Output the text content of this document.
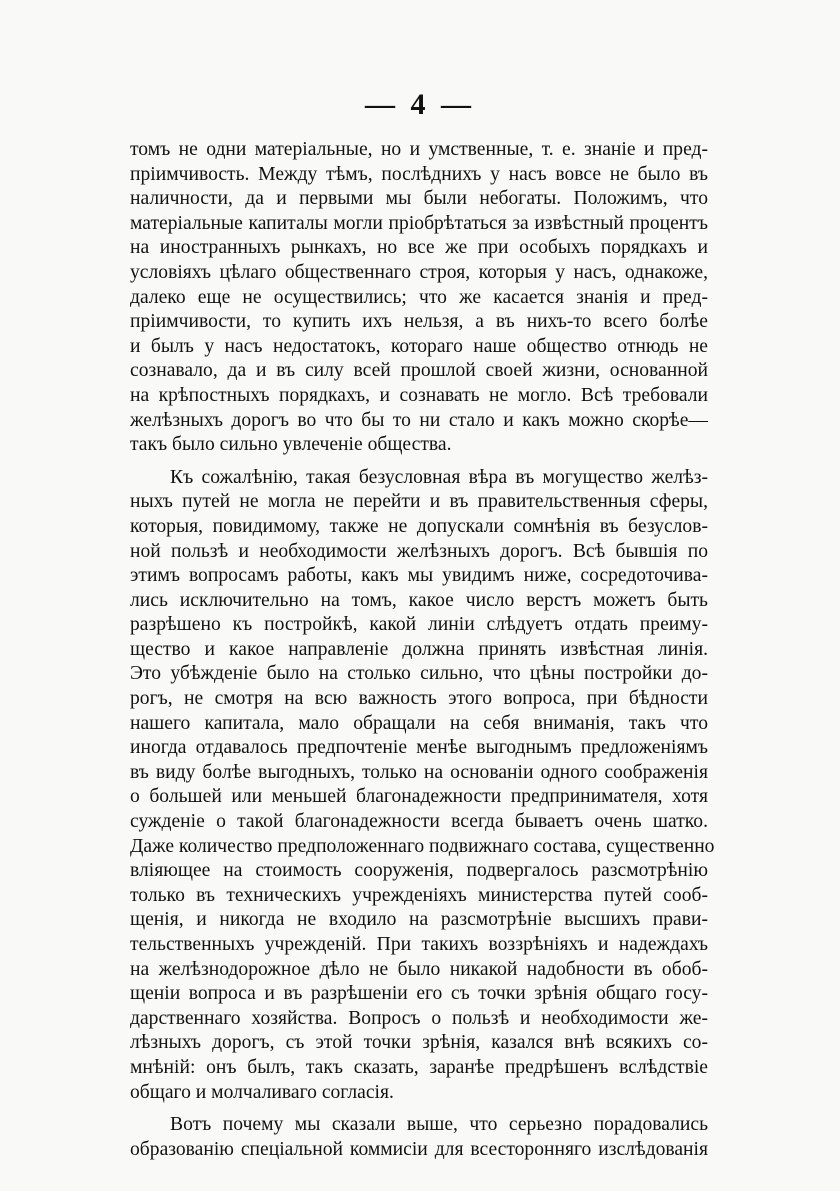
— 4 —
томъ не одни матеріальные, но и умственные, т. е. знаніе и пред-
пріимчивость. Между тѣмъ, послѣднихъ у насъ вовсе не было въ
наличности, да и первыми мы были небогаты. Положимъ, что
матеріальные капиталы могли пріобрѣтаться за извѣстный процентъ
на иностранныхъ рынкахъ, но все же при особыхъ порядкахъ и
условіяхъ цѣлаго общественнаго строя, которыя у насъ, однакоже,
далеко еще не осуществились; что же касается знанія и пред-
пріимчивости, то купить ихъ нельзя, а въ нихъ-то всего болѣе
и былъ у насъ недостатокъ, котораго наше общество отнюдь не
сознавало, да и въ силу всей прошлой своей жизни, основанной
на крѣпостныхъ порядкахъ, и сознавать не могло. Всѣ требовали
желѣзныхъ дорогъ во что бы то ни стало и какъ можно скорѣе—
такъ было сильно увлеченіе общества.
Къ сожалѣнію, такая безусловная вѣра въ могущество желѣз-
ныхъ путей не могла не перейти и въ правительственныя сферы,
которыя, повидимому, также не допускали сомнѣнія въ безуслов-
ной пользѣ и необходимости желѣзныхъ дорогъ. Всѣ бывшія по
этимъ вопросамъ работы, какъ мы увидимъ ниже, сосредоточива-
лись исключительно на томъ, какое число верстъ можетъ быть
разрѣшено къ постройкѣ, какой линіи слѣдуетъ отдать преиму-
щество и какое направленіе должна принять извѣстная линія.
Это убѣжденіе было на столько сильно, что цѣны постройки до-
рогъ, не смотря на всю важность этого вопроса, при бѣдности
нашего капитала, мало обращали на себя вниманія, такъ что
иногда отдавалось предпочтеніе менѣе выгоднымъ предложеніямъ
въ виду болѣе выгодныхъ, только на основаніи одного соображенія
о большей или меньшей благонадежности предпринимателя, хотя
сужденіе о такой благонадежности всегда бываетъ очень шатко.
Даже количество предположеннаго подвижнаго состава, существенно
вліяющее на стоимость сооруженія, подвергалось разсмотрѣнію
только въ техническихъ учрежденіяхъ министерства путей сооб-
щенія, и никогда не входило на разсмотрѣніе высшихъ прави-
тельственныхъ учрежденій. При такихъ воззрѣніяхъ и надеждахъ
на желѣзнодорожное дѣло не было никакой надобности въ обоб-
щеніи вопроса и въ разрѣшеніи его съ точки зрѣнія общаго госу-
дарственнаго хозяйства. Вопросъ о пользѣ и необходимости же-
лѣзныхъ дорогъ, съ этой точки зрѣнія, казался внѣ всякихъ со-
мнѣній: онъ былъ, такъ сказать, заранѣе предрѣшенъ вслѣдствіе
общаго и молчаливаго согласія.
Вотъ почему мы сказали выше, что серьезно порадовались
образованію спеціальной коммисіи для всесторонняго изслѣдованія
